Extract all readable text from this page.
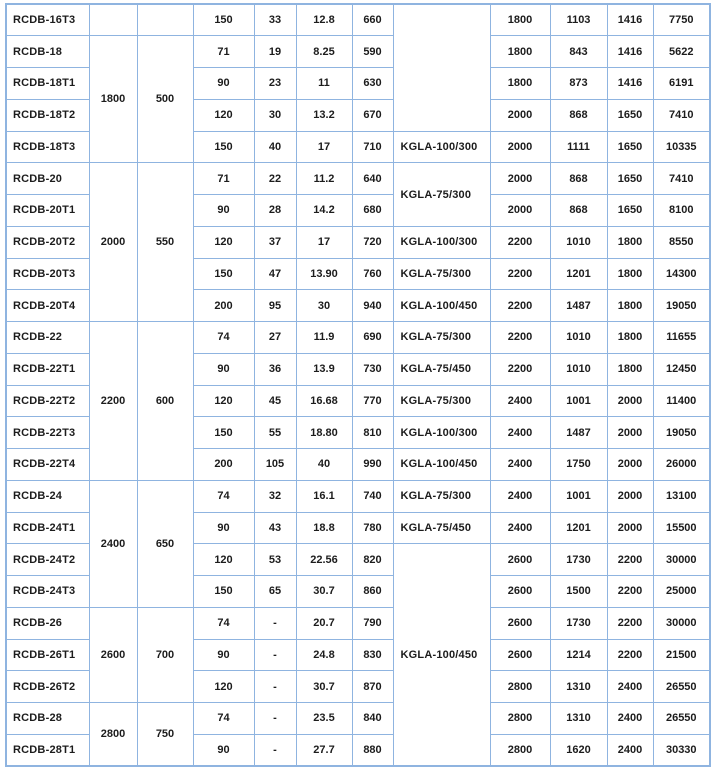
RCDB-16T3			150	33	12.8	660		1800	1103	1416	7750
RCDB-18	1800	500	71	19	8.25	590		1800	843	1416	5622
RCDB-18T1			90	23	11	630		1800	873	1416	6191
RCDB-18T2			120	30	13.2	670		2000	868	1650	7410
RCDB-18T3			150	40	17	710	KGLA-100/300	2000	1111	1650	10335
RCDB-20	2000	550	71	22	11.2	640	KGLA-75/300	2000	868	1650	7410
RCDB-20T1			90	28	14.2	680		2000	868	1650	8100
RCDB-20T2			120	37	17	720	KGLA-100/300	2200	1010	1800	8550
RCDB-20T3			150	47	13.90	760	KGLA-75/300	2200	1201	1800	14300
RCDB-20T4			200	95	30	940	KGLA-100/450	2200	1487	1800	19050
RCDB-22	2200	600	74	27	11.9	690	KGLA-75/300	2200	1010	1800	11655
RCDB-22T1			90	36	13.9	730	KGLA-75/450	2200	1010	1800	12450
RCDB-22T2			120	45	16.68	770	KGLA-75/300	2400	1001	2000	11400
RCDB-22T3			150	55	18.80	810	KGLA-100/300	2400	1487	2000	19050
RCDB-22T4			200	105	40	990	KGLA-100/450	2400	1750	2000	26000
RCDB-24	2400	650	74	32	16.1	740	KGLA-75/300	2400	1001	2000	13100
RCDB-24T1			90	43	18.8	780	KGLA-75/450	2400	1201	2000	15500
RCDB-24T2			120	53	22.56	820	KGLA-100/450	2600	1730	2200	30000
RCDB-24T3			150	65	30.7	860		2600	1500	2200	25000
RCDB-26	2600	700	74	-	20.7	790		2600	1730	2200	30000
RCDB-26T1			90	-	24.8	830		2600	1214	2200	21500
RCDB-26T2			120	-	30.7	870		2800	1310	2400	26550
RCDB-28	2800	750	74	-	23.5	840		2800	1310	2400	26550
RCDB-28T1			90	-	27.7	880		2800	1620	2400	30330
